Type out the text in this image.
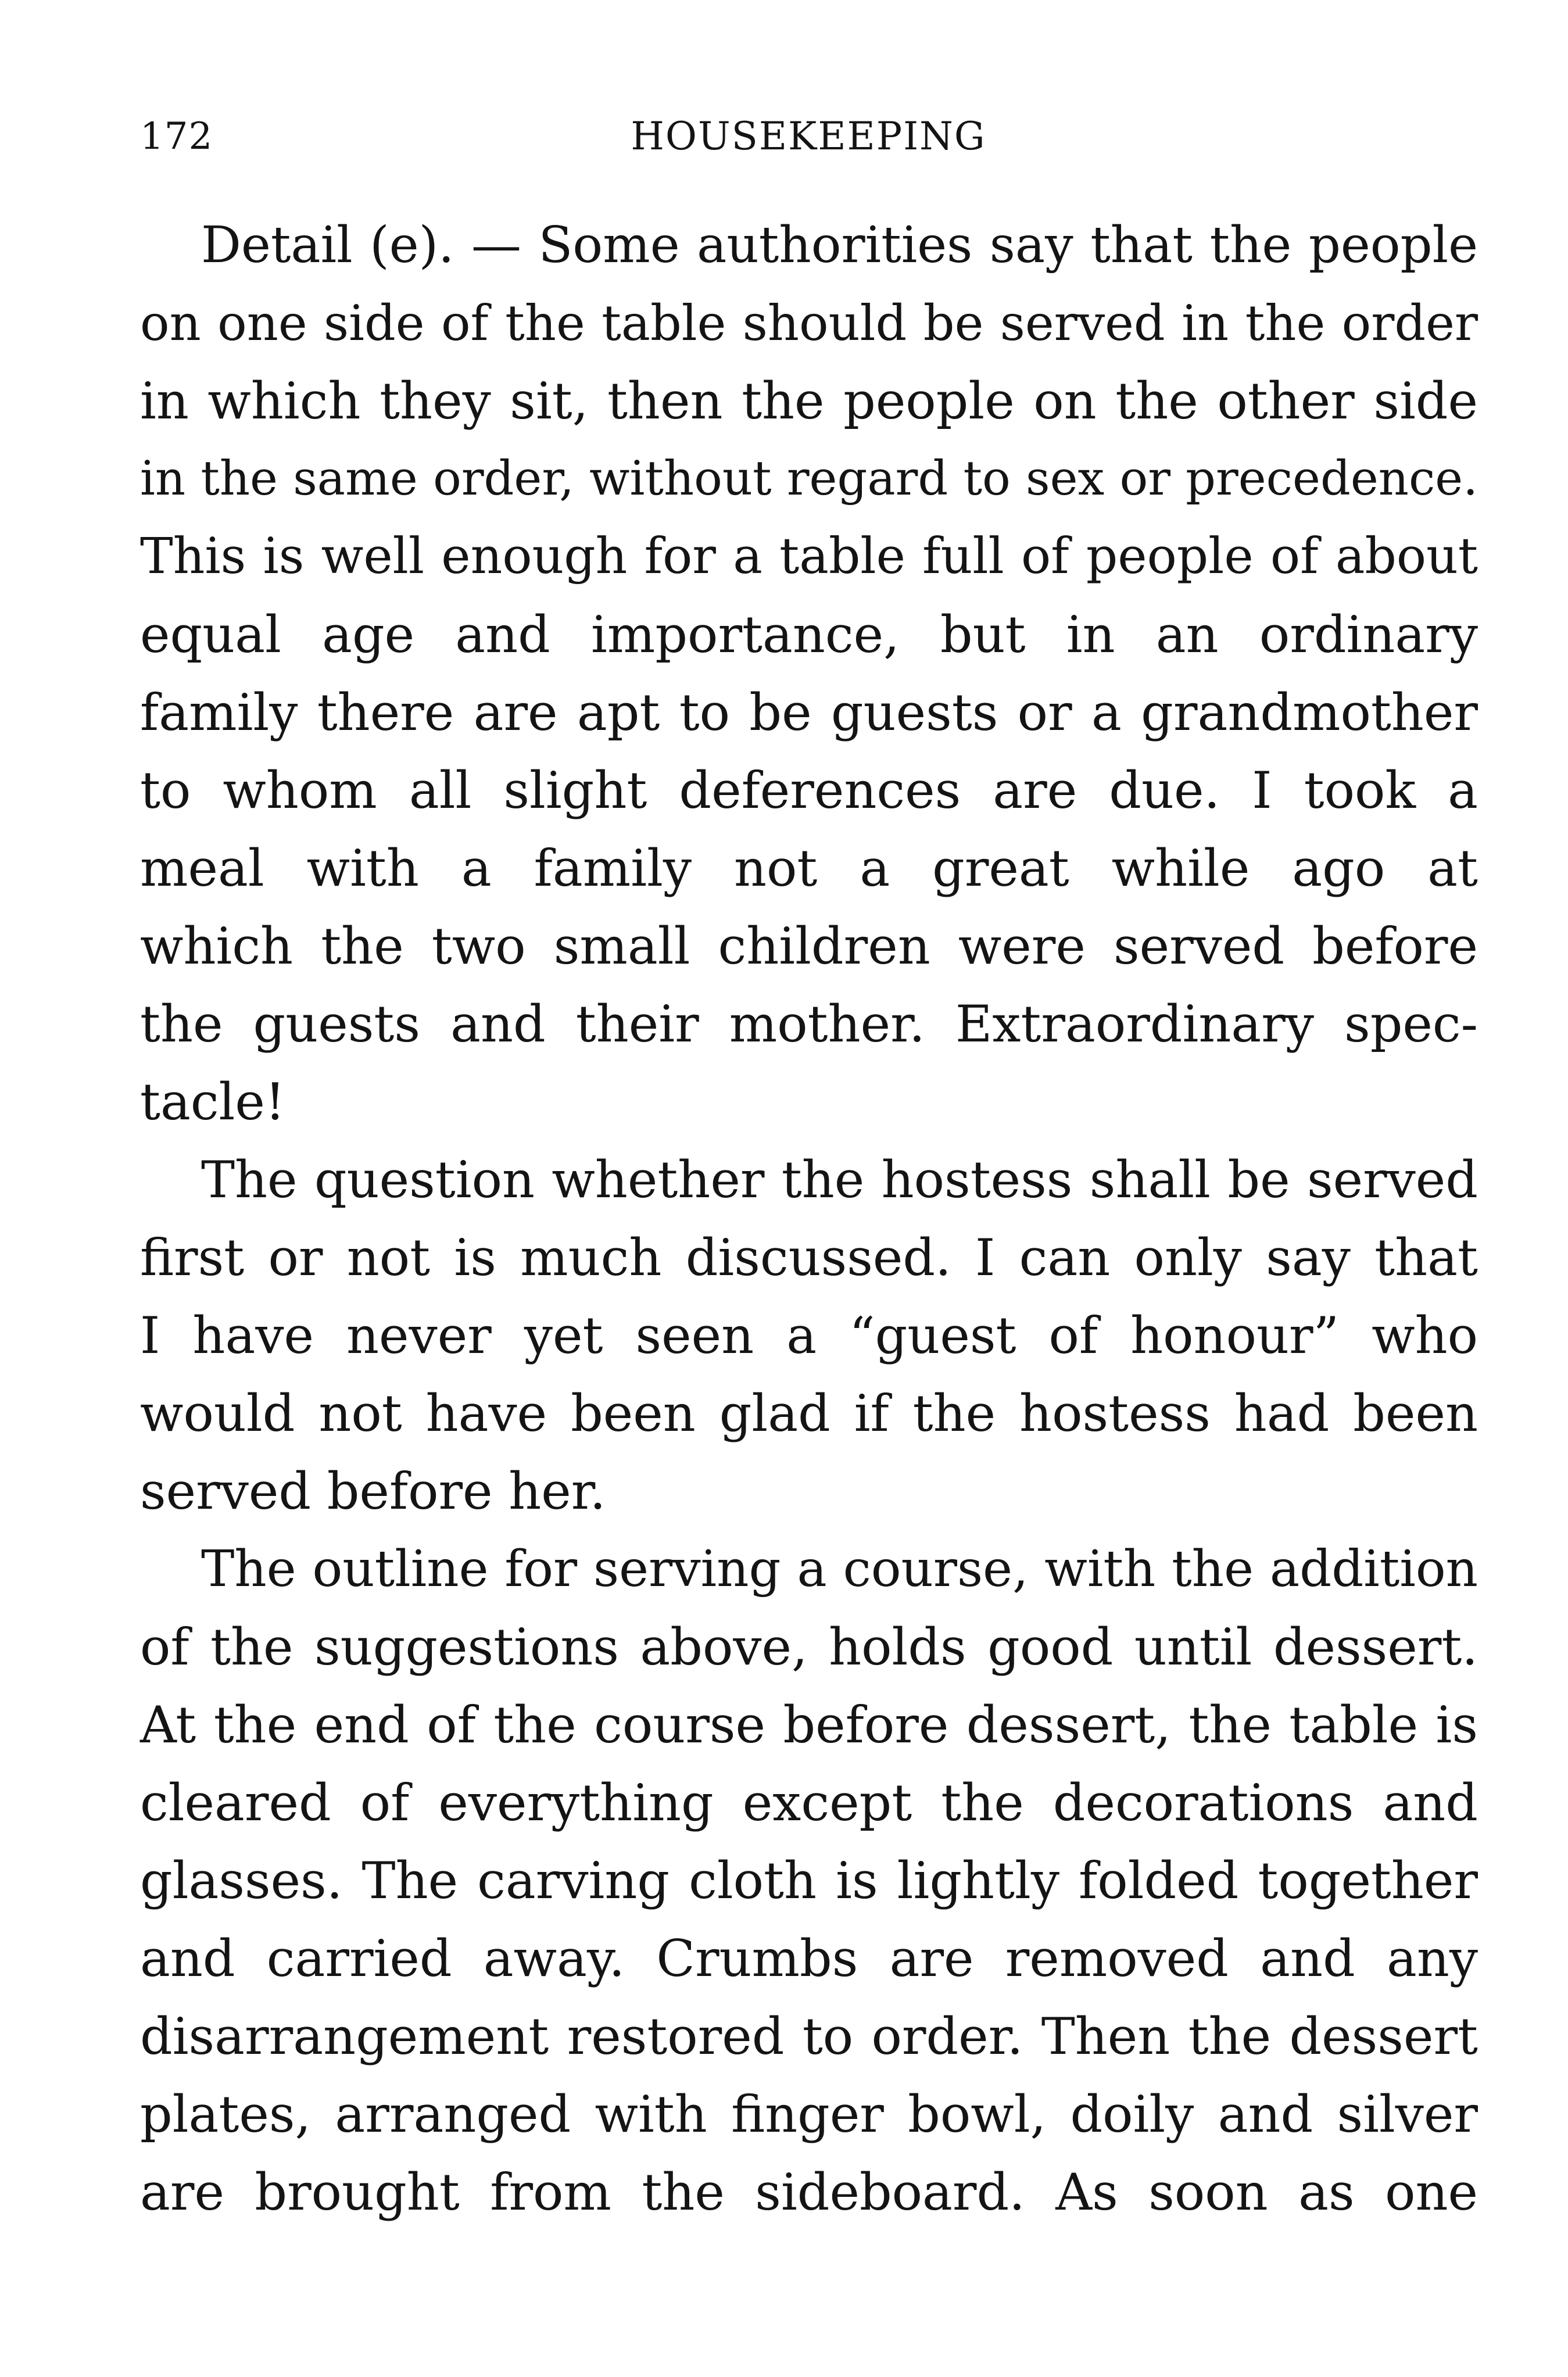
172	HOUSEKEEPING
Detail (e). — Some authorities say that the people
on one side of the table should be served in the order
in which they sit, then the people on the other side
in the same order, without regard to sex or precedence.
This is well enough for a table full of people of about
equal age and importance, but in an ordinary
family there are apt to be guests or a grandmother
to whom all slight deferences are due. I took a
meal with a family not a great while ago at
which the two small children were served before
the guests and their mother. Extraordinary spec-
tacle!
The question whether the hostess shall be served
first or not is much discussed. I can only say that
I have never yet seen a “guest of honour” who
would not have been glad if the hostess had been
served before her.
The outline for serving a course, with the addition
of the suggestions above, holds good until dessert.
At the end of the course before dessert, the table is
cleared of everything except the decorations and
glasses. The carving cloth is lightly folded together
and carried away. Crumbs are removed and any
disarrangement restored to order. Then the dessert
plates, arranged with finger bowl, doily and silver
are brought from the sideboard. As soon as one
